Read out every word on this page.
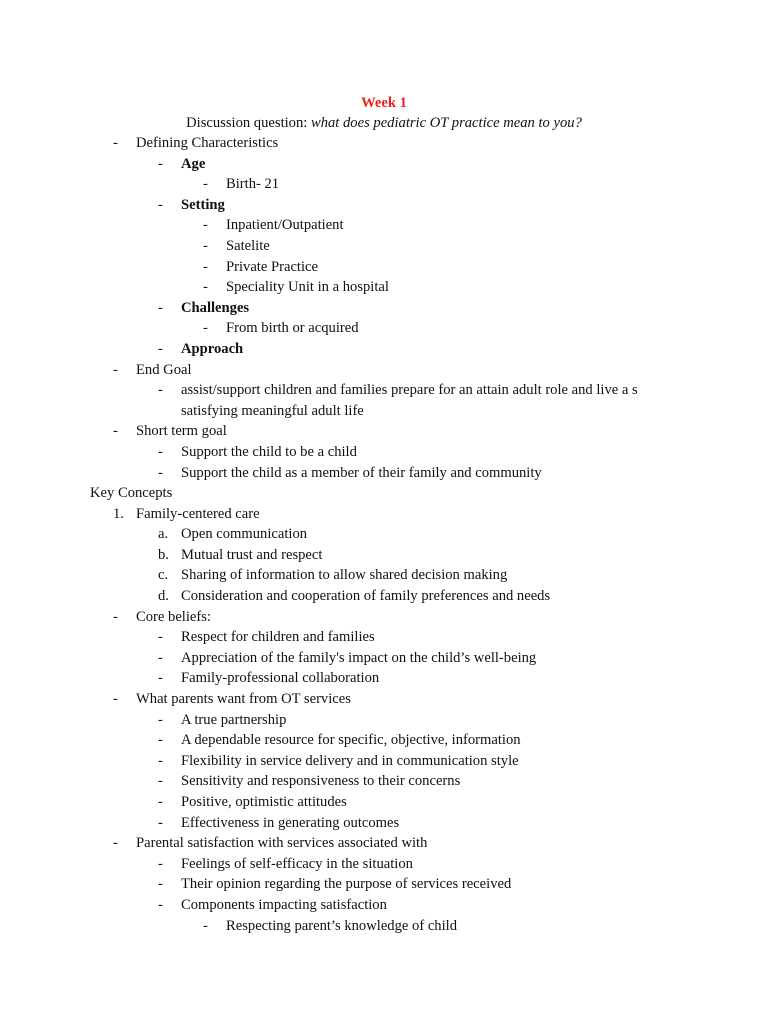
Week 1
Discussion question: what does pediatric OT practice mean to you?
- Defining Characteristics
- Age
- Birth- 21
- Setting
- Inpatient/Outpatient
- Satelite
- Private Practice
- Speciality Unit in a hospital
- Challenges
- From birth or acquired
- Approach
- End Goal
- assist/support children and families prepare for an attain adult role and live a s
satisfying meaningful adult life
- Short term goal
- Support the child to be a child
- Support the child as a member of their family and community
Key Concepts
1. Family-centered care
a. Open communication
b. Mutual trust and respect
c. Sharing of information to allow shared decision making
d. Consideration and cooperation of family preferences and needs
- Core beliefs:
- Respect for children and families
- Appreciation of the family's impact on the child’s well-being
- Family-professional collaboration
- What parents want from OT services
- A true partnership
- A dependable resource for specific, objective, information
- Flexibility in service delivery and in communication style
- Sensitivity and responsiveness to their concerns
- Positive, optimistic attitudes
- Effectiveness in generating outcomes
- Parental satisfaction with services associated with
- Feelings of self-efficacy in the situation
- Their opinion regarding the purpose of services received
- Components impacting satisfaction
- Respecting parent’s knowledge of child
